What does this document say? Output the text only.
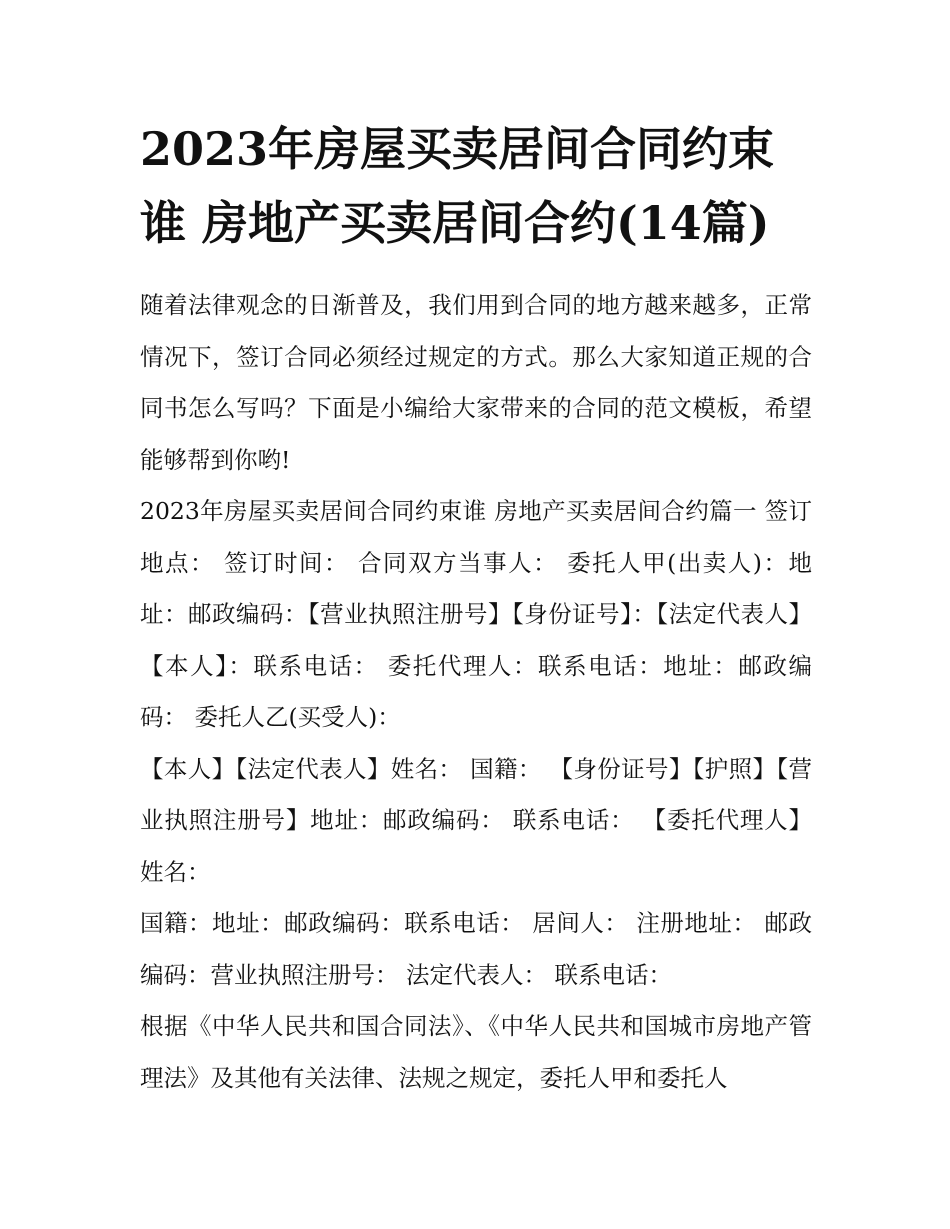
2023年房屋买卖居间合同约束谁 房地产买卖居间合约(14篇)

随着法律观念的日渐普及，我们用到合同的地方越来越多，正常情况下，签订合同必须经过规定的方式。那么大家知道正规的合同书怎么写吗？下面是小编给大家带来的合同的范文模板，希望能够帮到你哟!

2023年房屋买卖居间合同约束谁 房地产买卖居间合约篇一 签订地点： 签订时间： 合同双方当事人： 委托人甲(出卖人)：地址：邮政编码：【营业执照注册号】【身份证号】：【法定代表人】【本人】：联系电话： 委托代理人：联系电话：地址：邮政编码： 委托人乙(买受人)：

【本人】【法定代表人】姓名： 国籍： 【身份证号】【护照】【营业执照注册号】地址：邮政编码： 联系电话： 【委托代理人】姓名：

国籍：地址：邮政编码：联系电话： 居间人： 注册地址： 邮政编码：营业执照注册号： 法定代表人： 联系电话：

根据《中华人民共和国合同法》、《中华人民共和国城市房地产管理法》及其他有关法律、法规之规定，委托人甲和委托人
